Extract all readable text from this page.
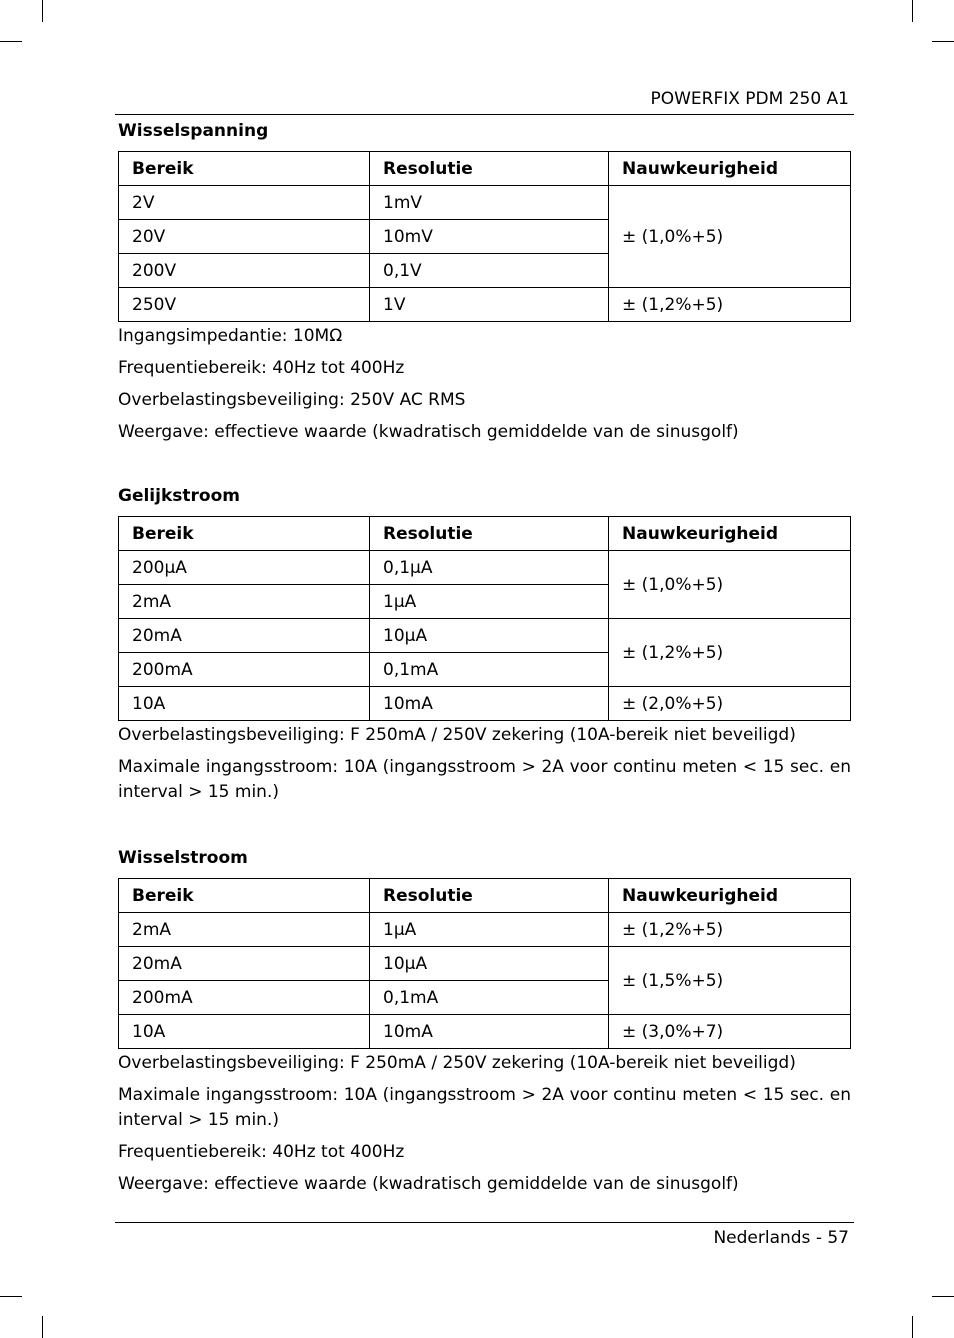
POWERFIX PDM 250 A1
Wisselspanning
Bereik	Resolutie	Nauwkeurigheid
2V	1mV	± (1,0%+5)
20V	10mV	
200V	0,1V	
250V	1V	± (1,2%+5)

Ingangsimpedantie: 10MΩ

Frequentiebereik: 40Hz tot 400Hz

Overbelastingsbeveiliging: 250V AC RMS

Weergave: effectieve waarde (kwadratisch gemiddelde van de sinusgolf)

Gelijkstroom
Bereik	Resolutie	Nauwkeurigheid
200µA	0,1µA	± (1,0%+5)
2mA	1µA	
20mA	10µA	± (1,2%+5)
200mA	0,1mA	
10A	10mA	± (2,0%+5)

Overbelastingsbeveiliging: F 250mA / 250V zekering (10A-bereik niet beveiligd)

Maximale ingangsstroom: 10A (ingangsstroom > 2A voor continu meten < 15 sec. en interval > 15 min.)

Wisselstroom
Bereik	Resolutie	Nauwkeurigheid
2mA	1µA	± (1,2%+5)
20mA	10µA	± (1,5%+5)
200mA	0,1mA	
10A	10mA	± (3,0%+7)

Overbelastingsbeveiliging: F 250mA / 250V zekering (10A-bereik niet beveiligd)

Maximale ingangsstroom: 10A (ingangsstroom > 2A voor continu meten < 15 sec. en interval > 15 min.)

Frequentiebereik: 40Hz tot 400Hz

Weergave: effectieve waarde (kwadratisch gemiddelde van de sinusgolf)

Nederlands - 57
